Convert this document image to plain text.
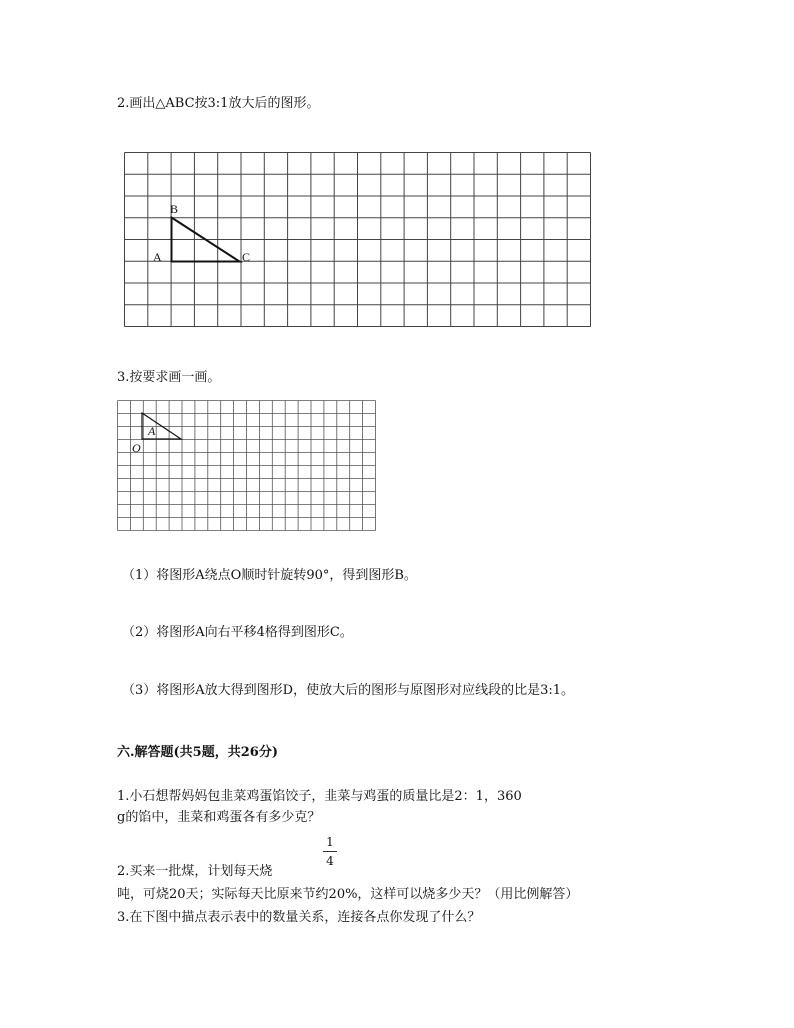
2.画出△ABC按3:1放大后的图形。
B
A	C
3.按要求画一画。
A
O
（1）将图形A绕点O顺时针旋转90°，得到图形B。
（2）将图形A向右平移4格得到图形C。
（3）将图形A放大得到图形D，使放大后的图形与原图形对应线段的比是3:1。
六.解答题(共5题，共26分)
1.小石想帮妈妈包韭菜鸡蛋馅饺子，韭菜与鸡蛋的质量比是2：1，360
g的馅中，韭菜和鸡蛋各有多少克？
1
4
2.买来一批煤，计划每天烧
吨，可烧20天；实际每天比原来节约20%，这样可以烧多少天？（用比例解答）
3.在下图中描点表示表中的数量关系，连接各点你发现了什么？
